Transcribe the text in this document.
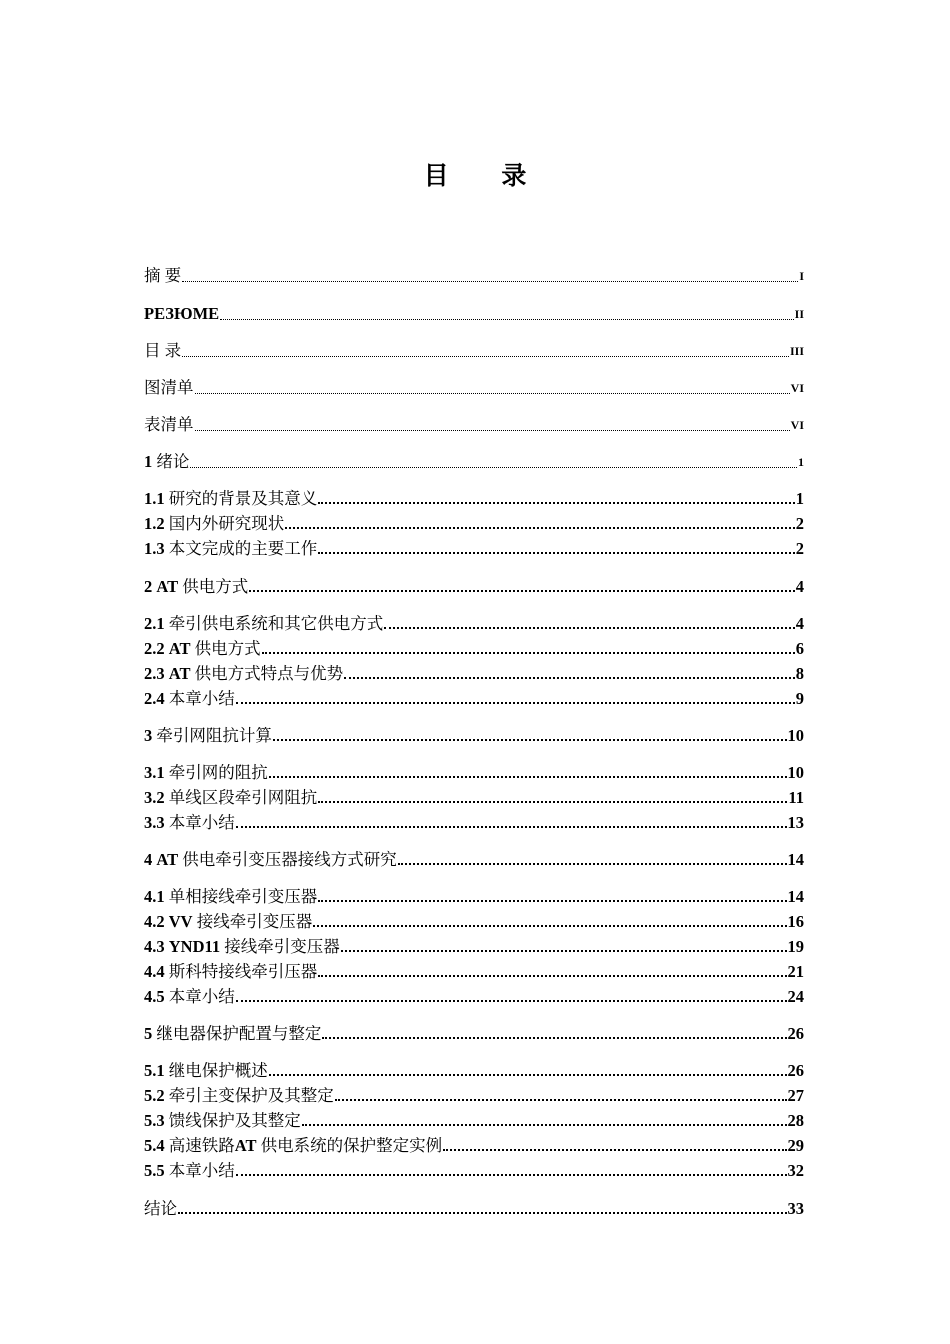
目 录
摘 要	I
РЕЗЮМЕ	II
目 录	III
图清单	VI
表清单	VI
1 绪论	1
1.1 研究的背景及其意义	1
1.2 国内外研究现状	2
1.3 本文完成的主要工作	2
2 AT 供电方式	4
2.1 牵引供电系统和其它供电方式	4
2.2 AT 供电方式	6
2.3 AT 供电方式特点与优势	8
2.4 本章小结	9
3 牵引网阻抗计算	10
3.1 牵引网的阻抗	10
3.2 单线区段牵引网阻抗	11
3.3 本章小结	13
4 AT 供电牵引变压器接线方式研究	14
4.1 单相接线牵引变压器	14
4.2 VV 接线牵引变压器	16
4.3 YND11 接线牵引变压器	19
4.4 斯科特接线牵引压器	21
4.5 本章小结	24
5 继电器保护配置与整定	26
5.1 继电保护概述	26
5.2 牵引主变保护及其整定	27
5.3 馈线保护及其整定	28
5.4 高速铁路AT 供电系统的保护整定实例	29
5.5 本章小结	32
结论	33
